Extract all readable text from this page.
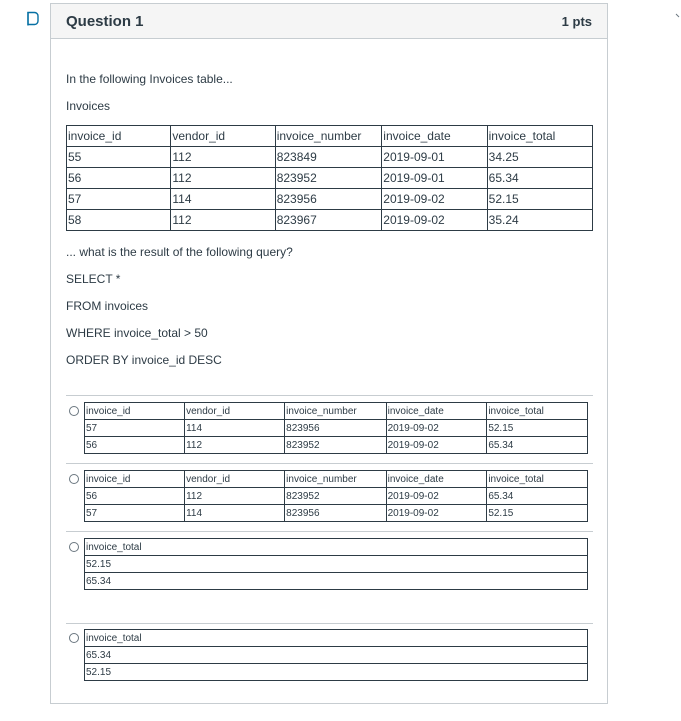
Question 1	1 pts
In the following Invoices table...
Invoices
invoice_id	vendor_id	invoice_number	invoice_date	invoice_total
55	112	823849	2019-09-01	34.25
56	112	823952	2019-09-01	65.34
57	114	823956	2019-09-02	52.15
58	112	823967	2019-09-02	35.24
... what is the result of the following query?
SELECT *
FROM invoices
WHERE invoice_total > 50
ORDER BY invoice_id DESC
invoice_id	vendor_id	invoice_number	invoice_date	invoice_total
57	114	823956	2019-09-02	52.15
56	112	823952	2019-09-02	65.34
invoice_id	vendor_id	invoice_number	invoice_date	invoice_total
56	112	823952	2019-09-02	65.34
57	114	823956	2019-09-02	52.15
invoice_total
52.15
65.34
invoice_total
65.34
52.15
